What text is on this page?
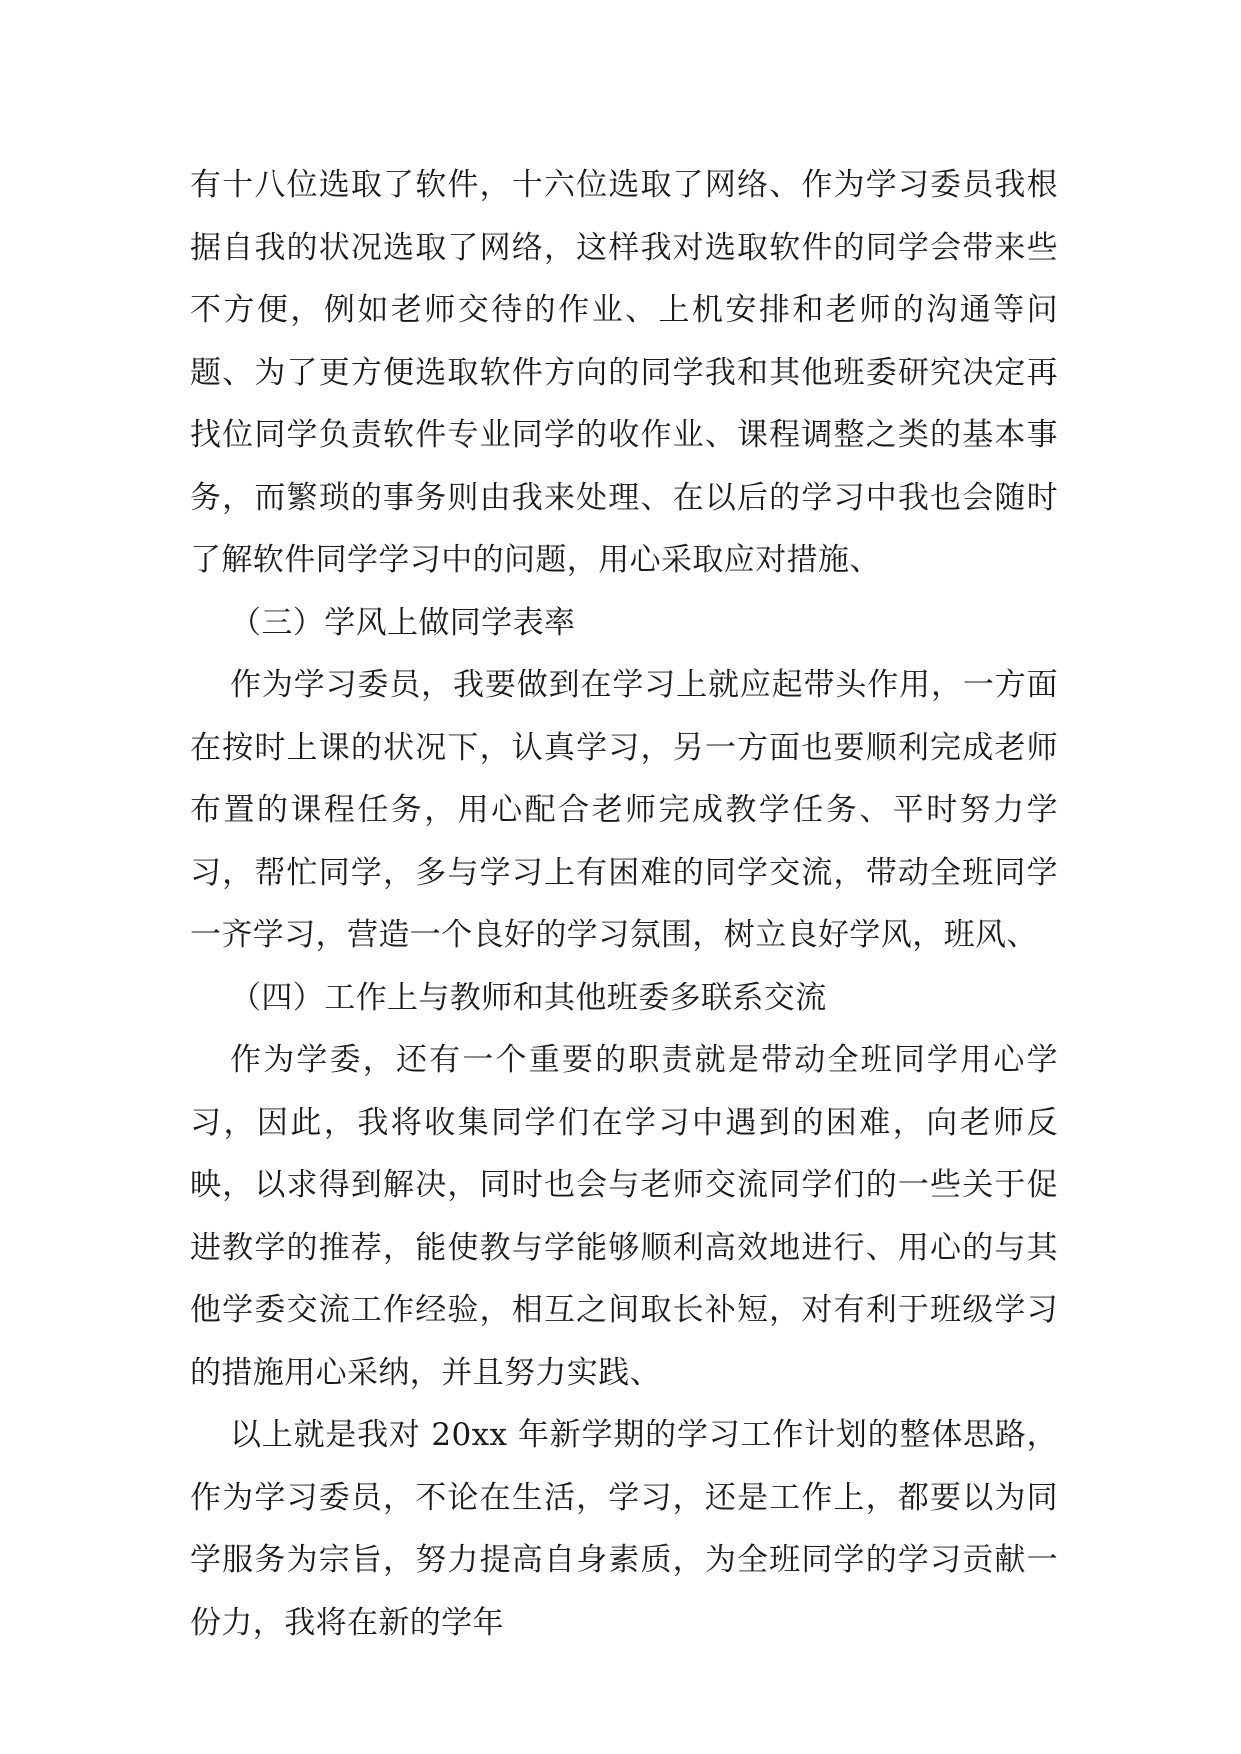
有十八位选取了软件，十六位选取了网络、作为学习委员我根据自我的状况选取了网络，这样我对选取软件的同学会带来些不方便，例如老师交待的作业、上机安排和老师的沟通等问题、为了更方便选取软件方向的同学我和其他班委研究决定再找位同学负责软件专业同学的收作业、课程调整之类的基本事务，而繁琐的事务则由我来处理、在以后的学习中我也会随时了解软件同学学习中的问题，用心采取应对措施、

（三）学风上做同学表率

作为学习委员，我要做到在学习上就应起带头作用，一方面在按时上课的状况下，认真学习，另一方面也要顺利完成老师布置的课程任务，用心配合老师完成教学任务、平时努力学习，帮忙同学，多与学习上有困难的同学交流，带动全班同学一齐学习，营造一个良好的学习氛围，树立良好学风，班风、

（四）工作上与教师和其他班委多联系交流

作为学委，还有一个重要的职责就是带动全班同学用心学习，因此，我将收集同学们在学习中遇到的困难，向老师反映，以求得到解决，同时也会与老师交流同学们的一些关于促进教学的推荐，能使教与学能够顺利高效地进行、用心的与其他学委交流工作经验，相互之间取长补短，对有利于班级学习的措施用心采纳，并且努力实践、

以上就是我对 20xx 年新学期的学习工作计划的整体思路，作为学习委员，不论在生活，学习，还是工作上，都要以为同学服务为宗旨，努力提高自身素质，为全班同学的学习贡献一份力，我将在新的学年
